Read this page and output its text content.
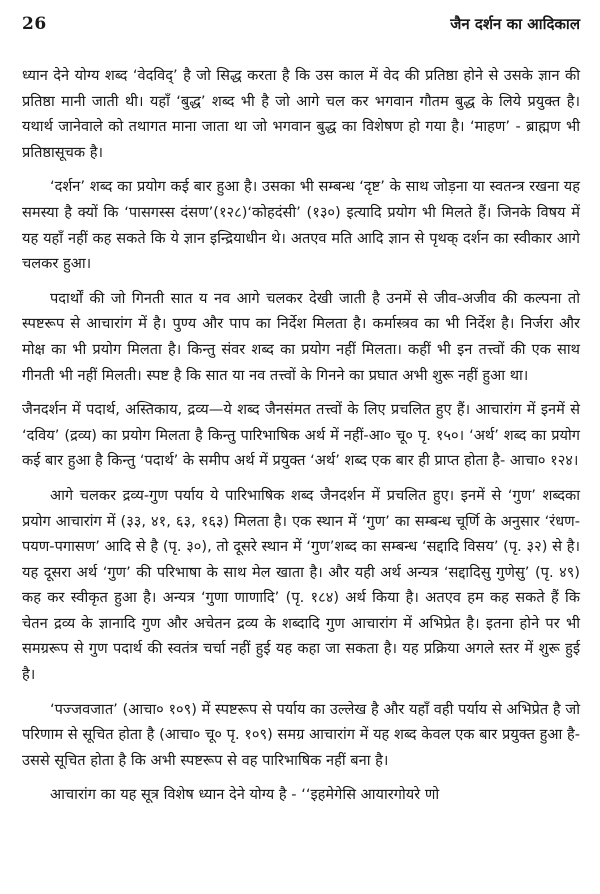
26	जैन दर्शन का आदिकाल

ध्यान देने योग्य शब्द ‘वेदविद्’ है जो सिद्ध करता है कि उस काल में वेद की प्रतिष्ठा होने से उसके ज्ञान की प्रतिष्ठा मानी जाती थी। यहाँ ‘बुद्ध’ शब्द भी है जो आगे चल कर भगवान गौतम बुद्ध के लिये प्रयुक्त है। यथार्थ जानेवाले को तथागत माना जाता था जो भगवान बुद्ध का विशेषण हो गया है। ‘माहण’ - ब्राह्मण भी प्रतिष्ठासूचक है।

‘दर्शन’ शब्द का प्रयोग कई बार हुआ है। उसका भी सम्बन्ध ‘दृष्ट’ के साथ जोड़ना या स्वतन्त्र रखना यह समस्या है क्यों कि ‘पासगस्स दंसण’(१२८)‘कोहदंसी’ (१३०) इत्यादि प्रयोग भी मिलते हैं। जिनके विषय में यह यहाँ नहीं कह सकते कि ये ज्ञान इन्द्रियाधीन थे। अतएव मति आदि ज्ञान से पृथक् दर्शन का स्वीकार आगे चलकर हुआ।

पदार्थों की जो गिनती सात य नव आगे चलकर देखी जाती है उनमें से जीव-अजीव की कल्पना तो स्पष्टरूप से आचारांग में है। पुण्य और पाप का निर्देश मिलता है। कर्मास्त्रव का भी निर्देश है। निर्जरा और मोक्ष का भी प्रयोग मिलता है। किन्तु संवर शब्द का प्रयोग नहीं मिलता। कहीं भी इन तत्त्वों की एक साथ गीनती भी नहीं मिलती। स्पष्ट है कि सात या नव तत्त्वों के गिनने का प्रघात अभी शुरू नहीं हुआ था।

जैनदर्शन में पदार्थ, अस्तिकाय, द्रव्य—ये शब्द जैनसंमत तत्त्वों के लिए प्रचलित हुए हैं। आचारांग में इनमें से ‘दविय’ (द्रव्य) का प्रयोग मिलता है किन्तु पारिभाषिक अर्थ में नहीं-आ० चू० पृ. १५०। ‘अर्थ’ शब्द का प्रयोग कई बार हुआ है किन्तु ‘पदार्थ’ के समीप अर्थ में प्रयुक्त ‘अर्थ’ शब्द एक बार ही प्राप्त होता है- आचा० १२४।

आगे चलकर द्रव्य-गुण पर्याय ये पारिभाषिक शब्द जैनदर्शन में प्रचलित हुए। इनमें से ‘गुण’ शब्दका प्रयोग आचारांग में (३३, ४१, ६३, १६३) मिलता है। एक स्थान में ‘गुण’ का सम्बन्ध चूर्णि के अनुसार ‘रंधण-पयण-पगासण’ आदि से है (पृ. ३०), तो दूसरे स्थान में ‘गुण’शब्द का सम्बन्ध ‘सद्दादि विसय’ (पृ. ३२) से है। यह दूसरा अर्थ ‘गुण’ की परिभाषा के साथ मेल खाता है। और यही अर्थ अन्यत्र ‘सद्दादिसु गुणेसु’ (पृ. ४९) कह कर स्वीकृत हुआ है। अन्यत्र ‘गुणा णाणादि’ (पृ. १८४) अर्थ किया है। अतएव हम कह सकते हैं कि चेतन द्रव्य के ज्ञानादि गुण और अचेतन द्रव्य के शब्दादि गुण आचारांग में अभिप्रेत है। इतना होने पर भी समग्ररूप से गुण पदार्थ की स्वतंत्र चर्चा नहीं हुई यह कहा जा सकता है। यह प्रक्रिया अगले स्तर में शुरू हुई है।

‘पज्जवजात’ (आचा० १०९) में स्पष्टरूप से पर्याय का उल्लेख है और यहाँ वही पर्याय से अभिप्रेत है जो परिणाम से सूचित होता है (आचा० चू० पृ. १०९) समग्र आचारांग में यह शब्द केवल एक बार प्रयुक्त हुआ है-उससे सूचित होता है कि अभी स्पष्टरूप से वह पारिभाषिक नहीं बना है।

आचारांग का यह सूत्र विशेष ध्यान देने योग्य है - ‘‘इहमेगेसि आयारगोयरे णो
